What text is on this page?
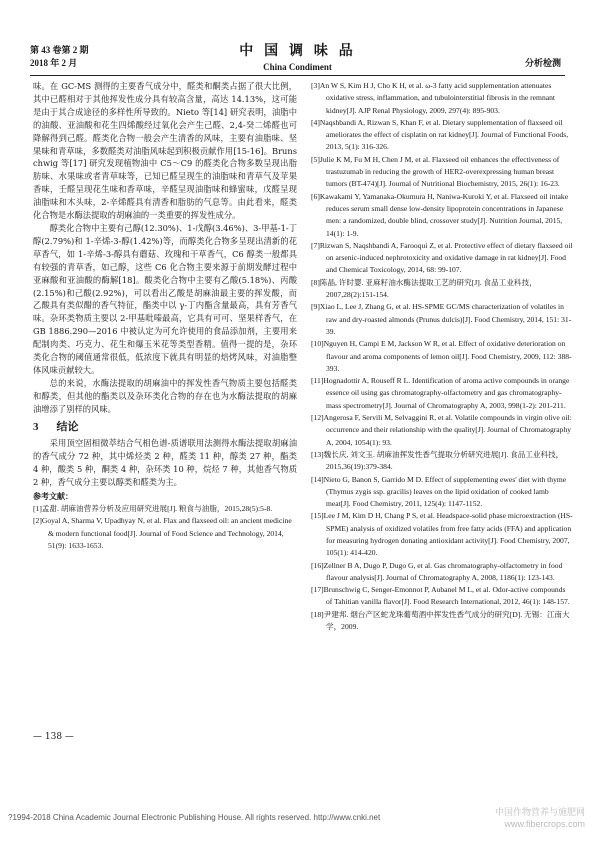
第 43 卷第 2 期
2018 年 2 月
中 国 调 味 品
China Condiment	分析检测

味。在 GC-MS 测得的主要香气成分中，醛类和酮类占据了很大比例，其中已醛相对于其他挥发性成分具有较高含量，高达 14.13%，这可能是由于其合成途径的多样性所导致的。Nieto 等[14] 研究表明，油脂中的油酸、亚油酸和花生四烯酸经过氧化会产生己醛、2,4-癸二烯醛也可降解得到己醛。醛类化合物一般会产生清香的风味，主要有油脂味、坚果味和青草味，多数醛类对油脂风味起到积极贡献作用[15-16]。Brunschwig 等[17] 研究发现植物油中 C5～C9 的醛类化合物多数呈现出脂肪味、水果味或者青草味等，已知已醛呈现生的油脂味和青草气及苹果香味，壬醛呈现花生味和香草味，辛醛呈现油脂味和蜂蜜味，戊醛呈现油脂味和木头味，2-辛烯醛具有清香和脂肪的气息等。由此看来，醛类化合物是水酶法提取的胡麻油的一类重要的挥发性成分。

醇类化合物中主要有己醇(12.30%)、1-戊醇(3.46%)、3-甲基-1-丁醇(2.79%)和 1-辛烯-3-醇(1.42%)等，而醇类化合物多呈现出清新的花草香气，如 1-辛烯-3-醇具有蘑菇、玫瑰和干草香气，C6 醇类一般都具有较强的青草香，如己醇，这些 C6 化合物主要来源于前期发酵过程中亚麻酸和亚油酸的酶解[18]。酸类化合物中主要有乙酸(5.18%)、丙酸(2.15%)和己酸(2.92%)，可以看出乙酸是胡麻油最主要的挥发酸，而乙酸具有类似醋的香气特征，酯类中以 γ-丁内酯含量最高，具有芳香气味。杂环类物质主要以 2-甲基吡嗪最高，它具有可可、坚果样香气，在 GB 1886.290—2016 中被认定为可允许使用的食品添加剂，主要用来配制肉类、巧克力、花生和爆玉米花等类型香精。值得一提的是，杂环类化合物的阈值通常很低，低浓度下就具有明显的焙烤风味，对油脂整体风味贡献较大。

总的来说，水酶法提取的胡麻油中的挥发性香气物质主要包括醛类和醇类，但其他的酯类以及杂环类化合物的存在也为水酶法提取的胡麻油增添了别样的风味。

3 结论

采用顶空固相微萃结合气相色谱-质谱联用法测得水酶法提取胡麻油的香气成分 72 种，其中烯烃类 2 种，醛类 11 种，醇类 27 种，酯类 4 种，酸类 5 种，酮类 4 种，杂环类 10 种，烷烃 7 种，其他香气物质 2 种，香气成分主要以醇类和醛类为主。

参考文献：

[1]孟甜. 胡麻油营养分析及应用研究进展[J]. 粮食与油脂，2015,28(5):5-8.

[2]Goyal A, Sharma V, Upadhyay N, et al. Flax and flaxseed oil: an ancient medicine & modern functional food[J]. Journal of Food Science and Technology, 2014, 51(9): 1633-1653.

[3]An W S, Kim H J, Cho K H, et al. ω-3 fatty acid supplementation attenuates oxidative stress, inflammation, and tubulointerstitial fibrosis in the remnant kidney[J]. AJP Renal Physiology, 2009, 297(4): 895-903.

[4]Naqshbandi A, Rizwan S, Khan F, et al. Dietary supplementation of flaxseed oil ameliorates the effect of cisplatin on rat kidney[J]. Journal of Functional Foods, 2013, 5(1): 316-326.

[5]Julie K M, Fu M H, Chen J M, et al. Flaxseed oil enhances the effectiveness of trastuzumab in reducing the growth of HER2-overexpressing human breast tumors (BT-474)[J]. Journal of Nutritional Biochemistry, 2015, 26(1): 16-23.

[6]Kawakami Y, Yamanaka-Okumura H, Naniwa-Kuroki Y, et al. Flaxseed oil intake reduces serum small dense low-density lipoprotein concentrations in Japanese men: a randomized, double blind, crossover study[J]. Nutrition Journal, 2015, 14(1): 1-9.

[7]Rizwan S, Naqshbandi A, Farooqui Z, et al. Protective effect of dietary flaxseed oil on arsenic-induced nephrotoxicity and oxidative damage in rat kidney[J]. Food and Chemical Toxicology, 2014, 68: 99-107.

[8]陈晶, 许时婴. 亚麻籽油水酶法提取工艺的研究[J]. 食品工业科技，2007,28(2):151-154.

[9]Xiao L, Lee J, Zhang G, et al. HS-SPME GC/MS characterization of volatiles in raw and dry-roasted almonds (Prunus dulcis)[J]. Food Chemistry, 2014, 151: 31-39.

[10]Nguyen H, Campi E M, Jackson W R, et al. Effect of oxidative deterioration on flavour and aroma components of lemon oil[J]. Food Chemistry, 2009, 112: 388-393.

[11]Hognadottir A, Rouseff R L. Identification of aroma active compounds in orange essence oil using gas chromatography-olfactometry and gas chromatography-mass spectrometry[J]. Journal of Chromatography A, 2003, 998(1-2): 201-211.

[12]Angerosa F, Servili M, Selvaggini R, et al. Volatile compounds in virgin olive oil: occurrence and their relationship with the quality[J]. Journal of Chromatography A, 2004, 1054(1): 93.

[13]魏长庆, 刘文玉. 胡麻油挥发性香气提取分析研究进展[J]. 食品工业科技，2015,36(19):379-384.

[14]Nieto G, Banon S, Garrido M D. Effect of supplementing ewes' diet with thyme (Thymus zygis ssp. gracilis) leaves on the lipid oxidation of cooked lamb meat[J]. Food Chemistry, 2011, 125(4): 1147-1152.

[15]Lee J M, Kim D H, Chang P S, et al. Headspace-solid phase microextraction (HS-SPME) analysis of oxidized volatiles from free fatty acids (FFA) and application for measuring hydrogen donating antioxidant activity[J]. Food Chemistry, 2007, 105(1): 414-420.

[16]Zellner B A, Dugo P, Dugo G, et al. Gas chromatography-olfactometry in food flavour analysis[J]. Journal of Chromatography A, 2008, 1186(1): 123-143.

[17]Brunschwig C, Senger-Emonnot P, Aubanel M L, et al. Odor-active compounds of Tahitian vanilla flavor[J]. Food Research International, 2012, 46(1): 148-157.

[18]尹建邦. 烟台产区蛇龙珠葡萄酒中挥发性香气成分的研究[D]. 无锡：江南大学，2009.

— 138 —
?1994-2018 China Academic Journal Electronic Publishing House. All rights reserved. http://www.cnki.net
中国作物营养与施肥网
www.fibercrops.com
